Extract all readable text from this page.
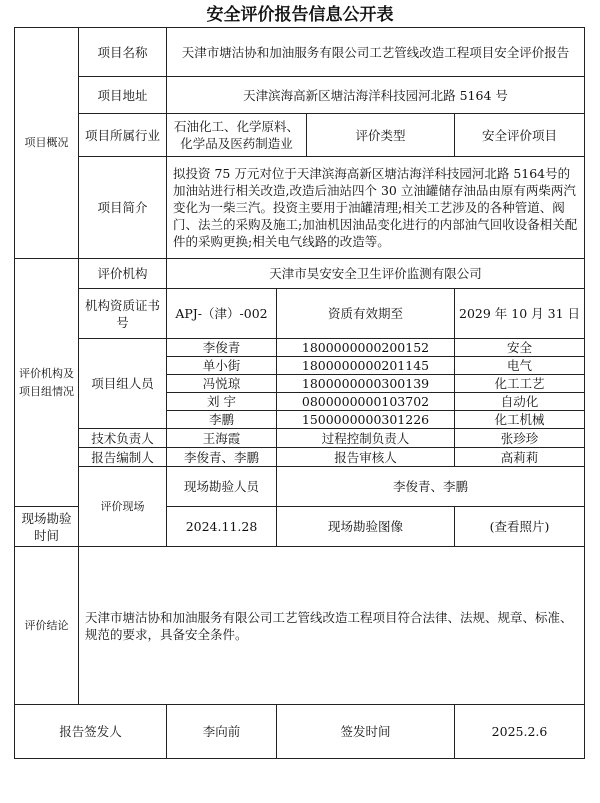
安全评价报告信息公开表
项目概况	项目名称	天津市塘沽协和加油服务有限公司工艺管线改造工程项目安全评价报告			
	项目地址	天津滨海高新区塘沽海洋科技园河北路 5164 号			
	项目所属行业	石油化工、化学原料、化学品及医药制造业		评价类型	安全评价项目
	项目简介	拟投资 75 万元对位于天津滨海高新区塘沽海洋科技园河北路 5164号的加油站进行相关改造,改造后油站四个 30 立油罐储存油品由原有两柴两汽变化为一柴三汽。投资主要用于油罐清理;相关工艺涉及的各种管道、阀门、法兰的采购及施工;加油机因油品变化进行的内部油气回收设备相关配件的采购更换;相关电气线路的改造等。			
评价机构及项目组情况	评价机构	天津市昊安安全卫生评价监测有限公司			
	机构资质证书号	APJ-（津）-002	资质有效期至		2029 年 10 月 31 日
	项目组人员	李俊青	1800000000200152		安全
		单小街	1800000000201145		电气
		冯悦琼	1800000000300139		化工工艺
		刘 宇	0800000000103702		自动化
		李鹏	1500000000301226		化工机械
	技术负责人	王海霞	过程控制负责人		张珍珍
	报告编制人	李俊青、李鹏	报告审核人		高莉莉
	评价现场	现场勘验人员	李俊青、李鹏		
现场勘验时间		2024.11.28	现场勘验图像		(查看照片)
评价结论	天津市塘沽协和加油服务有限公司工艺管线改造工程项目符合法律、法规、规章、标准、规范的要求，具备安全条件。				
报告签发人		李向前	签发时间		2025.2.6
